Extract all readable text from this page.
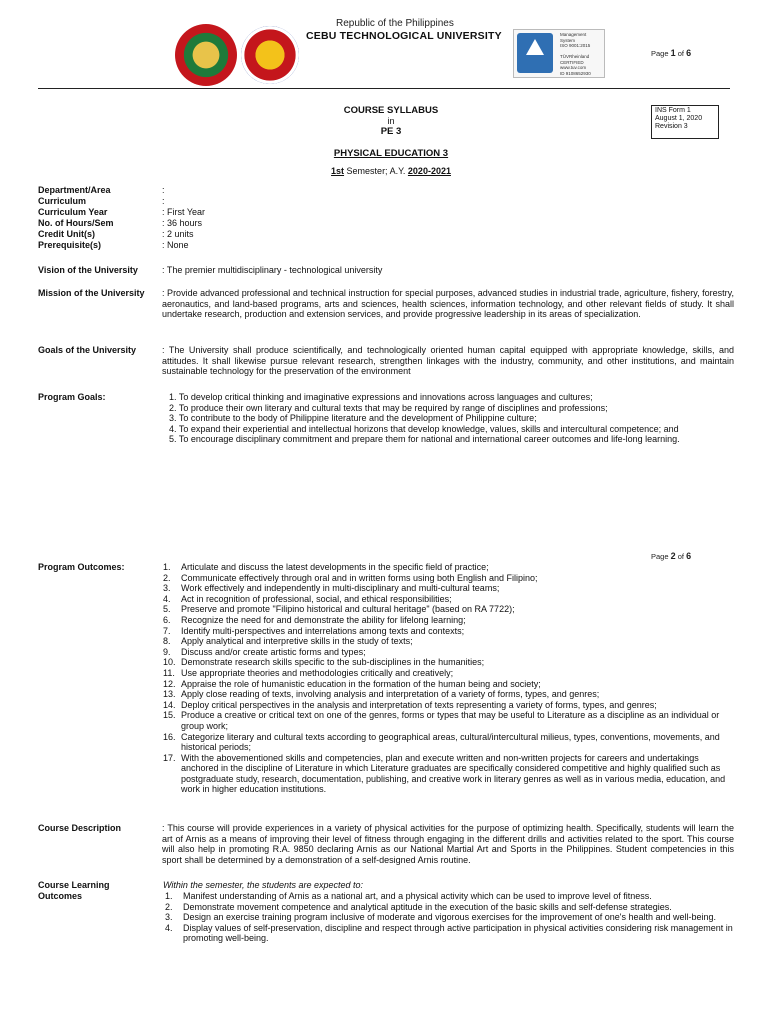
Republic of the Philippines
CEBU TECHNOLOGICAL UNIVERSITY	Management
System
ISO 9001:2015

TÜVRheinland
CERTIFIED
www.tuv.com
ID 9108652930
Page 1 of 6
COURSE SYLLABUS
in
PE 3
PHYSICAL EDUCATION 3
1st Semester; A.Y. 2020-2021
INS Form 1
August 1, 2020
Revision 3
Department/Area	:
Curriculum	:
Curriculum Year	: First Year
No. of Hours/Sem	: 36 hours
Credit Unit(s)	: 2 units
Prerequisite(s)	: None
Vision of the University	: The premier multidisciplinary - technological university
Mission of the University : Provide advanced professional and technical instruction for special purposes, advanced studies in industrial trade, agriculture, fishery, forestry, aeronautics, and land-based programs, arts and sciences, health sciences, information technology, and other relevant fields of study. It shall undertake research, production and extension services, and provide progressive leadership in its areas of specialization.
Goals of the University	: The University shall produce scientifically, and technologically oriented human capital equipped with appropriate knowledge, skills, and attitudes. It shall likewise pursue relevant research, strengthen linkages with the industry, community, and other institutions, and maintain sustainable technology for the preservation of the environment
Program Goals:	1. To develop critical thinking and imaginative expressions and innovations across languages and cultures;
2. To produce their own literary and cultural texts that may be required by range of disciplines and professions;
3. To contribute to the body of Philippine literature and the development of Philippine culture;
4. To expand their experiential and intellectual horizons that develop knowledge, values, skills and intercultural competence; and
5. To encourage disciplinary commitment and prepare them for national and international career outcomes and life-long learning.
Page 2 of 6
Program Outcomes:	1.	Articulate and discuss the latest developments in the specific field of practice;
2.	Communicate effectively through oral and in written forms using both English and Filipino;
3.	Work effectively and independently in multi-disciplinary and multi-cultural teams;
4.	Act in recognition of professional, social, and ethical responsibilities;
5.	Preserve and promote "Filipino historical and cultural heritage" (based on RA 7722);
6.	Recognize the need for and demonstrate the ability for lifelong learning;
7.	Identify multi-perspectives and interrelations among texts and contexts;
8.	Apply analytical and interpretive skills in the study of texts;
9.	Discuss and/or create artistic forms and types;
10. Demonstrate research skills specific to the sub-disciplines in the humanities;
11. Use appropriate theories and methodologies critically and creatively;
12. Appraise the role of humanistic education in the formation of the human being and society;
13. Apply close reading of texts, involving analysis and interpretation of a variety of forms, types, and genres;
14. Deploy critical perspectives in the analysis and interpretation of texts representing a variety of forms, types, and genres;
15. Produce a creative or critical text on one of the genres, forms or types that may be useful to Literature as a discipline as an individual or group work;
16. Categorize literary and cultural texts according to geographical areas, cultural/intercultural milieus, types, conventions, movements, and historical periods;
17. With the abovementioned skills and competencies, plan and execute written and non-written projects for careers and undertakings anchored in the discipline of Literature in which Literature graduates are specifically considered competitive and highly qualified such as postgraduate study, research, documentation, publishing, and creative work in literary genres as well as in various media, education, and work in higher education institutions.
Course Description	: This course will provide experiences in a variety of physical activities for the purpose of optimizing health. Specifically, students will learn the art of Arnis as a means of improving their level of fitness through engaging in the different drills and activities related to the sport. This course will also help in promoting R.A. 9850 declaring Arnis as our National Martial Art and Sports in the Philippines. Student competencies in this sport shall be determined by a demonstration of a self-designed Arnis routine.
Course Learning
Outcomes
Within the semester, the students are expected to:
1.	Manifest understanding of Arnis as a national art, and a physical activity which can be used to improve level of fitness.
2.	Demonstrate movement competence and analytical aptitude in the execution of the basic skills and self-defense strategies.
3.	Design an exercise training program inclusive of moderate and vigorous exercises for the improvement of one's health and well-being.
4.	Display values of self-preservation, discipline and respect through active participation in physical activities considering risk management in promoting well-being.
